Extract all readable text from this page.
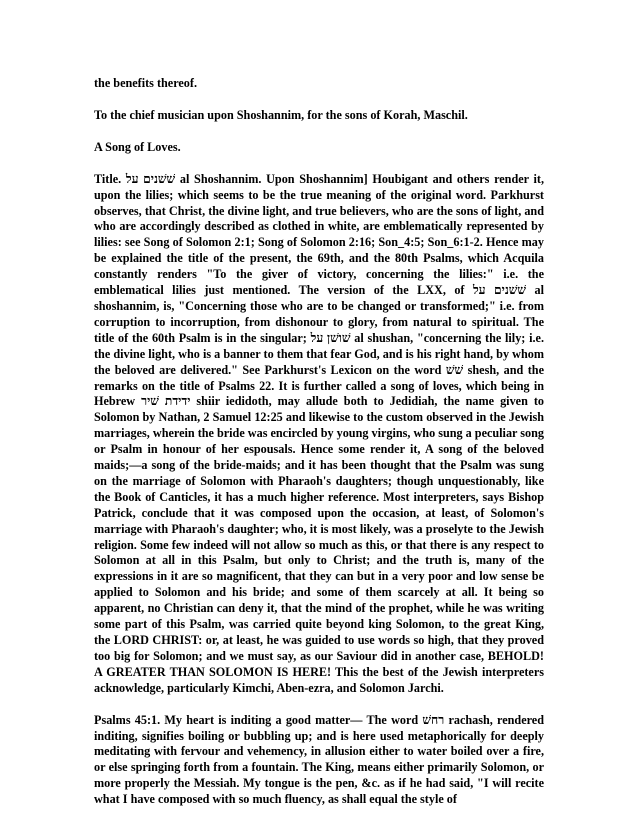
the benefits thereof.

To the chief musician upon Shoshannim, for the sons of Korah, Maschil.

A Song of Loves.

Title. שׁשׁנים על al Shoshannim. Upon Shoshannim] Houbigant and others render it, upon the lilies; which seems to be the true meaning of the original word. Parkhurst observes, that Christ, the divine light, and true believers, who are the sons of light, and who are accordingly described as clothed in white, are emblematically represented by lilies: see Song of Solomon 2:1; Song of Solomon 2:16; Son_4:5; Son_6:1-2. Hence may be explained the title of the present, the 69th, and the 80th Psalms, which Acquila constantly renders "To the giver of victory, concerning the lilies:" i.e. the emblematical lilies just mentioned. The version of the LXX, of שׁשׁנים על al shoshannim, is, "Concerning those who are to be changed or transformed;" i.e. from corruption to incorruption, from dishonour to glory, from natural to spiritual. The title of the 60th Psalm is in the singular; שׁושׁן על al shushan, "concerning the lily; i.e. the divine light, who is a banner to them that fear God, and is his right hand, by whom the beloved are delivered." See Parkhurst's Lexicon on the word שׁשׁ shesh, and the remarks on the title of Psalms 22. It is further called a song of loves, which being in Hebrew ידידת שׁיר shiir iedidoth, may allude both to Jedidiah, the name given to Solomon by Nathan, 2 Samuel 12:25 and likewise to the custom observed in the Jewish marriages, wherein the bride was encircled by young virgins, who sung a peculiar song or Psalm in honour of her espousals. Hence some render it, A song of the beloved maids;—a song of the bride-maids; and it has been thought that the Psalm was sung on the marriage of Solomon with Pharaoh's daughters; though unquestionably, like the Book of Canticles, it has a much higher reference. Most interpreters, says Bishop Patrick, conclude that it was composed upon the occasion, at least, of Solomon's marriage with Pharaoh's daughter; who, it is most likely, was a proselyte to the Jewish religion. Some few indeed will not allow so much as this, or that there is any respect to Solomon at all in this Psalm, but only to Christ; and the truth is, many of the expressions in it are so magnificent, that they can but in a very poor and low sense be applied to Solomon and his bride; and some of them scarcely at all. It being so apparent, no Christian can deny it, that the mind of the prophet, while he was writing some part of this Psalm, was carried quite beyond king Solomon, to the great King, the LORD CHRIST: or, at least, he was guided to use words so high, that they proved too big for Solomon; and we must say, as our Saviour did in another case, BEHOLD! A GREATER THAN SOLOMON IS HERE! This the best of the Jewish interpreters acknowledge, particularly Kimchi, Aben-ezra, and Solomon Jarchi.

Psalms 45:1. My heart is inditing a good matter— The word רחשׁ rachash, rendered inditing, signifies boiling or bubbling up; and is here used metaphorically for deeply meditating with fervour and vehemency, in allusion either to water boiled over a fire, or else springing forth from a fountain. The King, means either primarily Solomon, or more properly the Messiah. My tongue is the pen, &c. as if he had said, "I will recite what I have composed with so much fluency, as shall equal the style of
